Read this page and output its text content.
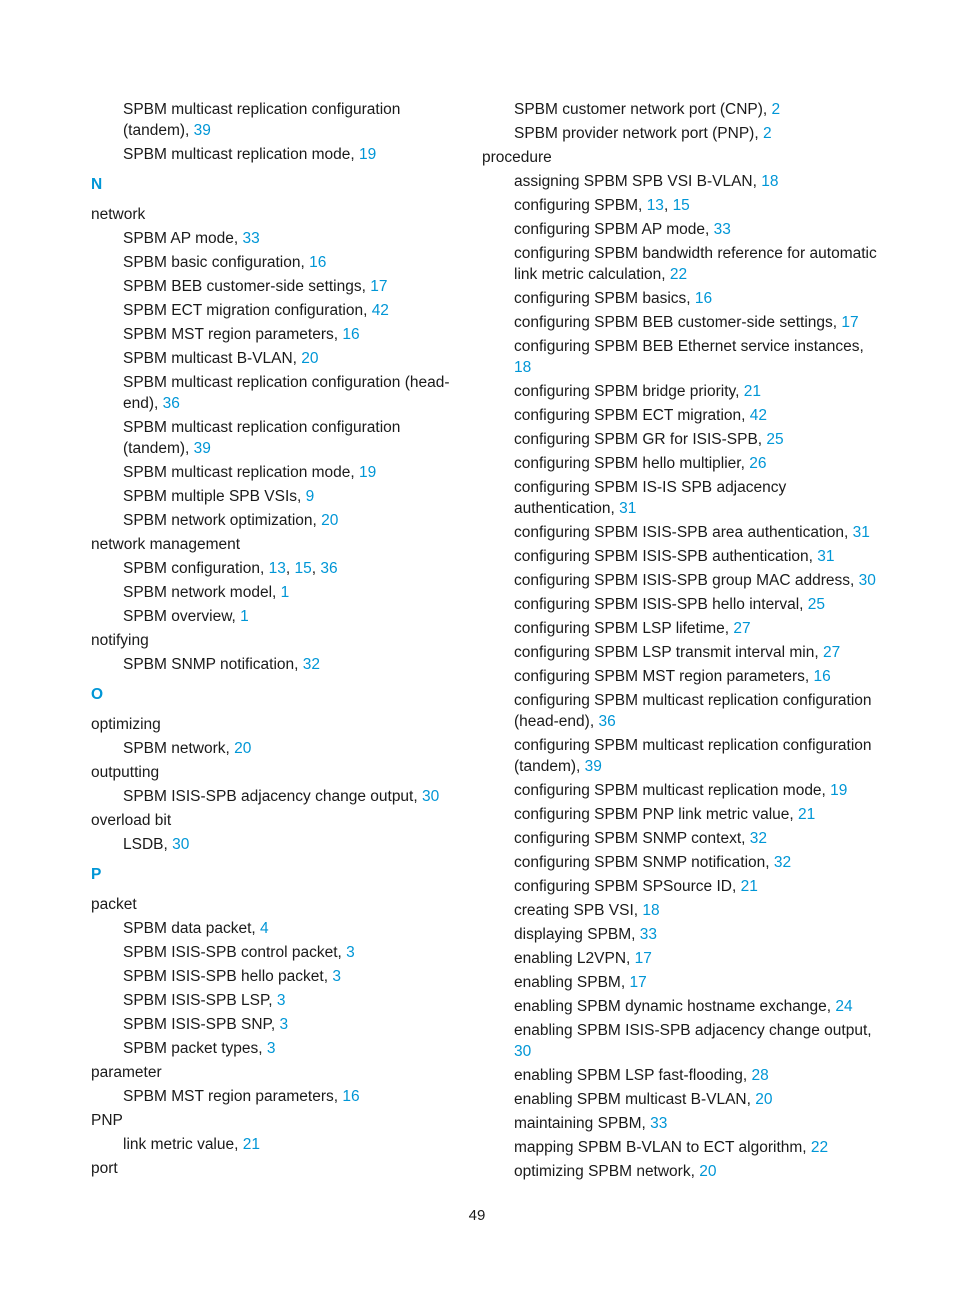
SPBM multicast replication configuration (tandem), 39
SPBM multicast replication mode, 19
N
network
SPBM AP mode, 33
SPBM basic configuration, 16
SPBM BEB customer-side settings, 17
SPBM ECT migration configuration, 42
SPBM MST region parameters, 16
SPBM multicast B-VLAN, 20
SPBM multicast replication configuration (head-end), 36
SPBM multicast replication configuration (tandem), 39
SPBM multicast replication mode, 19
SPBM multiple SPB VSIs, 9
SPBM network optimization, 20
network management
SPBM configuration, 13, 15, 36
SPBM network model, 1
SPBM overview, 1
notifying
SPBM SNMP notification, 32
O
optimizing
SPBM network, 20
outputting
SPBM ISIS-SPB adjacency change output, 30
overload bit
LSDB, 30
P
packet
SPBM data packet, 4
SPBM ISIS-SPB control packet, 3
SPBM ISIS-SPB hello packet, 3
SPBM ISIS-SPB LSP, 3
SPBM ISIS-SPB SNP, 3
SPBM packet types, 3
parameter
SPBM MST region parameters, 16
PNP
link metric value, 21
port
SPBM customer network port (CNP), 2
SPBM provider network port (PNP), 2
procedure
assigning SPBM SPB VSI B-VLAN, 18
configuring SPBM, 13, 15
configuring SPBM AP mode, 33
configuring SPBM bandwidth reference for automatic link metric calculation, 22
configuring SPBM basics, 16
configuring SPBM BEB customer-side settings, 17
configuring SPBM BEB Ethernet service instances, 18
configuring SPBM bridge priority, 21
configuring SPBM ECT migration, 42
configuring SPBM GR for ISIS-SPB, 25
configuring SPBM hello multiplier, 26
configuring SPBM IS-IS SPB adjacency authentication, 31
configuring SPBM ISIS-SPB area authentication, 31
configuring SPBM ISIS-SPB authentication, 31
configuring SPBM ISIS-SPB group MAC address, 30
configuring SPBM ISIS-SPB hello interval, 25
configuring SPBM LSP lifetime, 27
configuring SPBM LSP transmit interval min, 27
configuring SPBM MST region parameters, 16
configuring SPBM multicast replication configuration (head-end), 36
configuring SPBM multicast replication configuration (tandem), 39
configuring SPBM multicast replication mode, 19
configuring SPBM PNP link metric value, 21
configuring SPBM SNMP context, 32
configuring SPBM SNMP notification, 32
configuring SPBM SPSource ID, 21
creating SPB VSI, 18
displaying SPBM, 33
enabling L2VPN, 17
enabling SPBM, 17
enabling SPBM dynamic hostname exchange, 24
enabling SPBM ISIS-SPB adjacency change output, 30
enabling SPBM LSP fast-flooding, 28
enabling SPBM multicast B-VLAN, 20
maintaining SPBM, 33
mapping SPBM B-VLAN to ECT algorithm, 22
optimizing SPBM network, 20
49
